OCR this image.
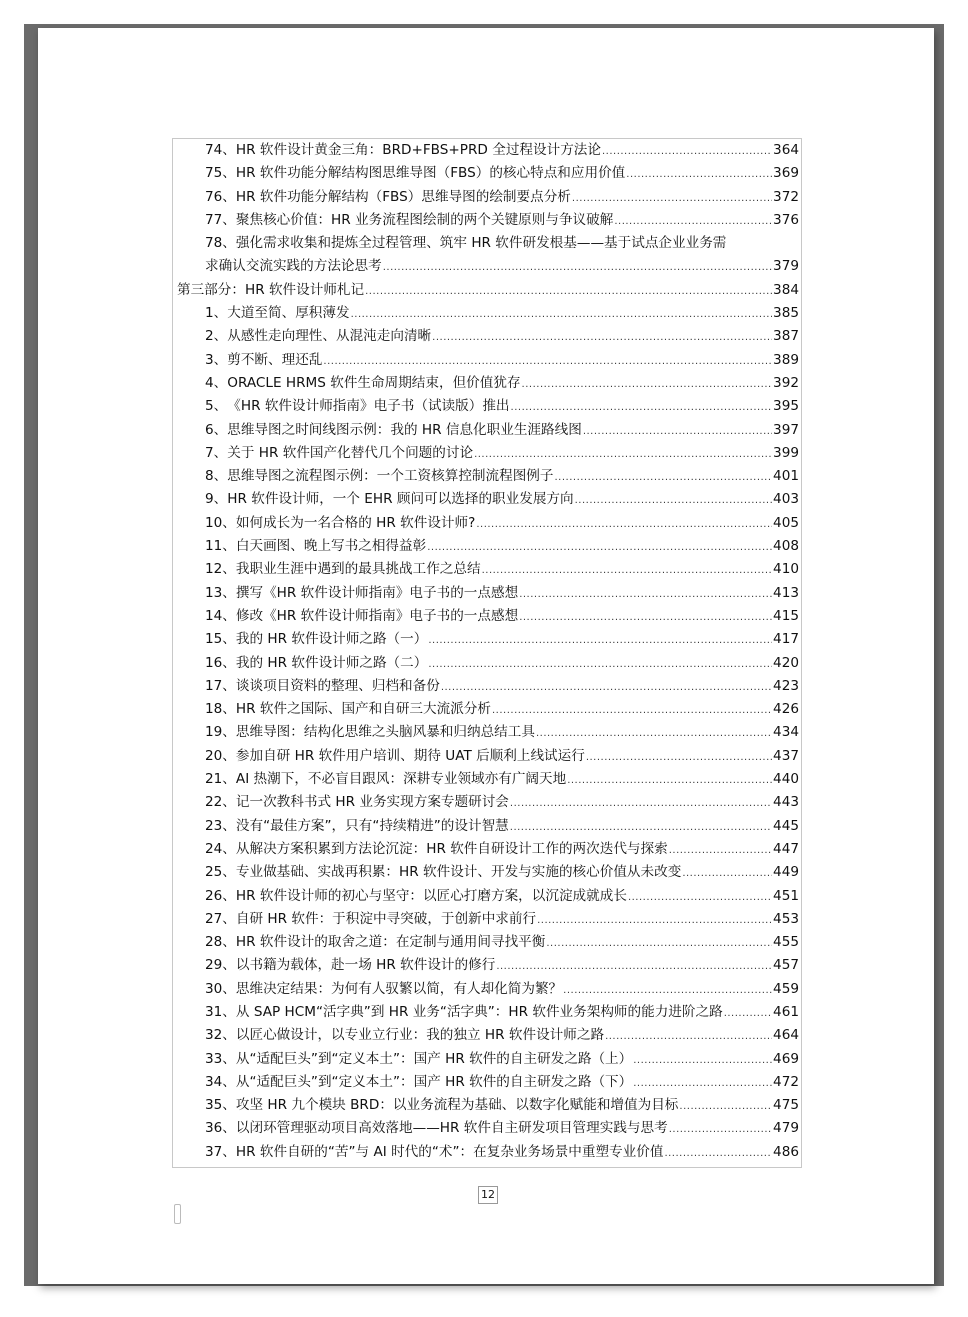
74、 HR 软件设计黄金三角：BRD+FBS+PRD 全过程设计方法论 .....	364
75、 HR 软件功能分解结构图思维导图（FBS）的核心特点和应用价值 .....	369
76、 HR 软件功能分解结构（FBS）思维导图的绘制要点分析 .....	372
77、 聚焦核心价值：HR 业务流程图绘制的两个关键原则与争议破解 .....	376
78、 强化需求收集和提炼全过程管理、筑牢 HR 软件研发根基——基于试点企业业务需
求确认交流实践的方法论思考 .....	379
第三部分：HR 软件设计师札记 .....	384
1、 大道至简、厚积薄发 .....	385
2、 从感性走向理性、从混沌走向清晰 .....	387
3、 剪不断、理还乱 .....	389
4、 ORACLE HRMS 软件生命周期结束，但价值犹存 .....	392
5、 《HR 软件设计师指南》电子书（试读版）推出 .....	395
6、 思维导图之时间线图示例：我的 HR 信息化职业生涯路线图 .....	397
7、 关于 HR 软件国产化替代几个问题的讨论 .....	399
8、 思维导图之流程图示例：一个工资核算控制流程图例子 .....	401
9、 HR 软件设计师，一个 EHR 顾问可以选择的职业发展方向 .....	403
10、 如何成长为一名合格的 HR 软件设计师? .....	405
11、 白天画图、晚上写书之相得益彰 .....	408
12、 我职业生涯中遇到的最具挑战工作之总结 .....	410
13、 撰写《HR 软件设计师指南》电子书的一点感想 .....	413
14、 修改《HR 软件设计师指南》电子书的一点感想 .....	415
15、 我的 HR 软件设计师之路（一） .....	417
16、 我的 HR 软件设计师之路（二） .....	420
17、 谈谈项目资料的整理、归档和备份 .....	423
18、 HR 软件之国际、国产和自研三大流派分析 .....	426
19、 思维导图：结构化思维之头脑风暴和归纳总结工具 .....	434
20、 参加自研 HR 软件用户培训、期待 UAT 后顺利上线试运行 .....	437
21、 AI 热潮下，不必盲目跟风：深耕专业领域亦有广阔天地 .....	440
22、 记一次教科书式 HR 业务实现方案专题研讨会 .....	443
23、 没有“最佳方案”，只有“持续精进”的设计智慧 .....	445
24、 从解决方案积累到方法论沉淀：HR 软件自研设计工作的两次迭代与探索 .....	447
25、 专业做基础、实战再积累：HR 软件设计、开发与实施的核心价值从未改变 .....	449
26、 HR 软件设计师的初心与坚守：以匠心打磨方案，以沉淀成就成长 .....	451
27、 自研 HR 软件：于积淀中寻突破，于创新中求前行 .....	453
28、 HR 软件设计的取舍之道：在定制与通用间寻找平衡 .....	455
29、 以书籍为载体，赴一场 HR 软件设计的修行 .....	457
30、 思维决定结果：为何有人驭繁以简，有人却化简为繁？ .....	459
31、 从 SAP HCM“活字典”到 HR 业务“活字典”：HR 软件业务架构师的能力进阶之路 .....	461
32、 以匠心做设计，以专业立行业：我的独立 HR 软件设计师之路 .....	464
33、 从“适配巨头”到“定义本土”：国产 HR 软件的自主研发之路（上） .....	469
34、 从“适配巨头”到“定义本土”：国产 HR 软件的自主研发之路（下） .....	472
35、 攻坚 HR 九个模块 BRD：以业务流程为基础、以数字化赋能和增值为目标 .....	475
36、 以闭环管理驱动项目高效落地——HR 软件自主研发项目管理实践与思考 .....	479
37、 HR 软件自研的“苦”与 AI 时代的“术”：在复杂业务场景中重塑专业价值 .....	486
12
